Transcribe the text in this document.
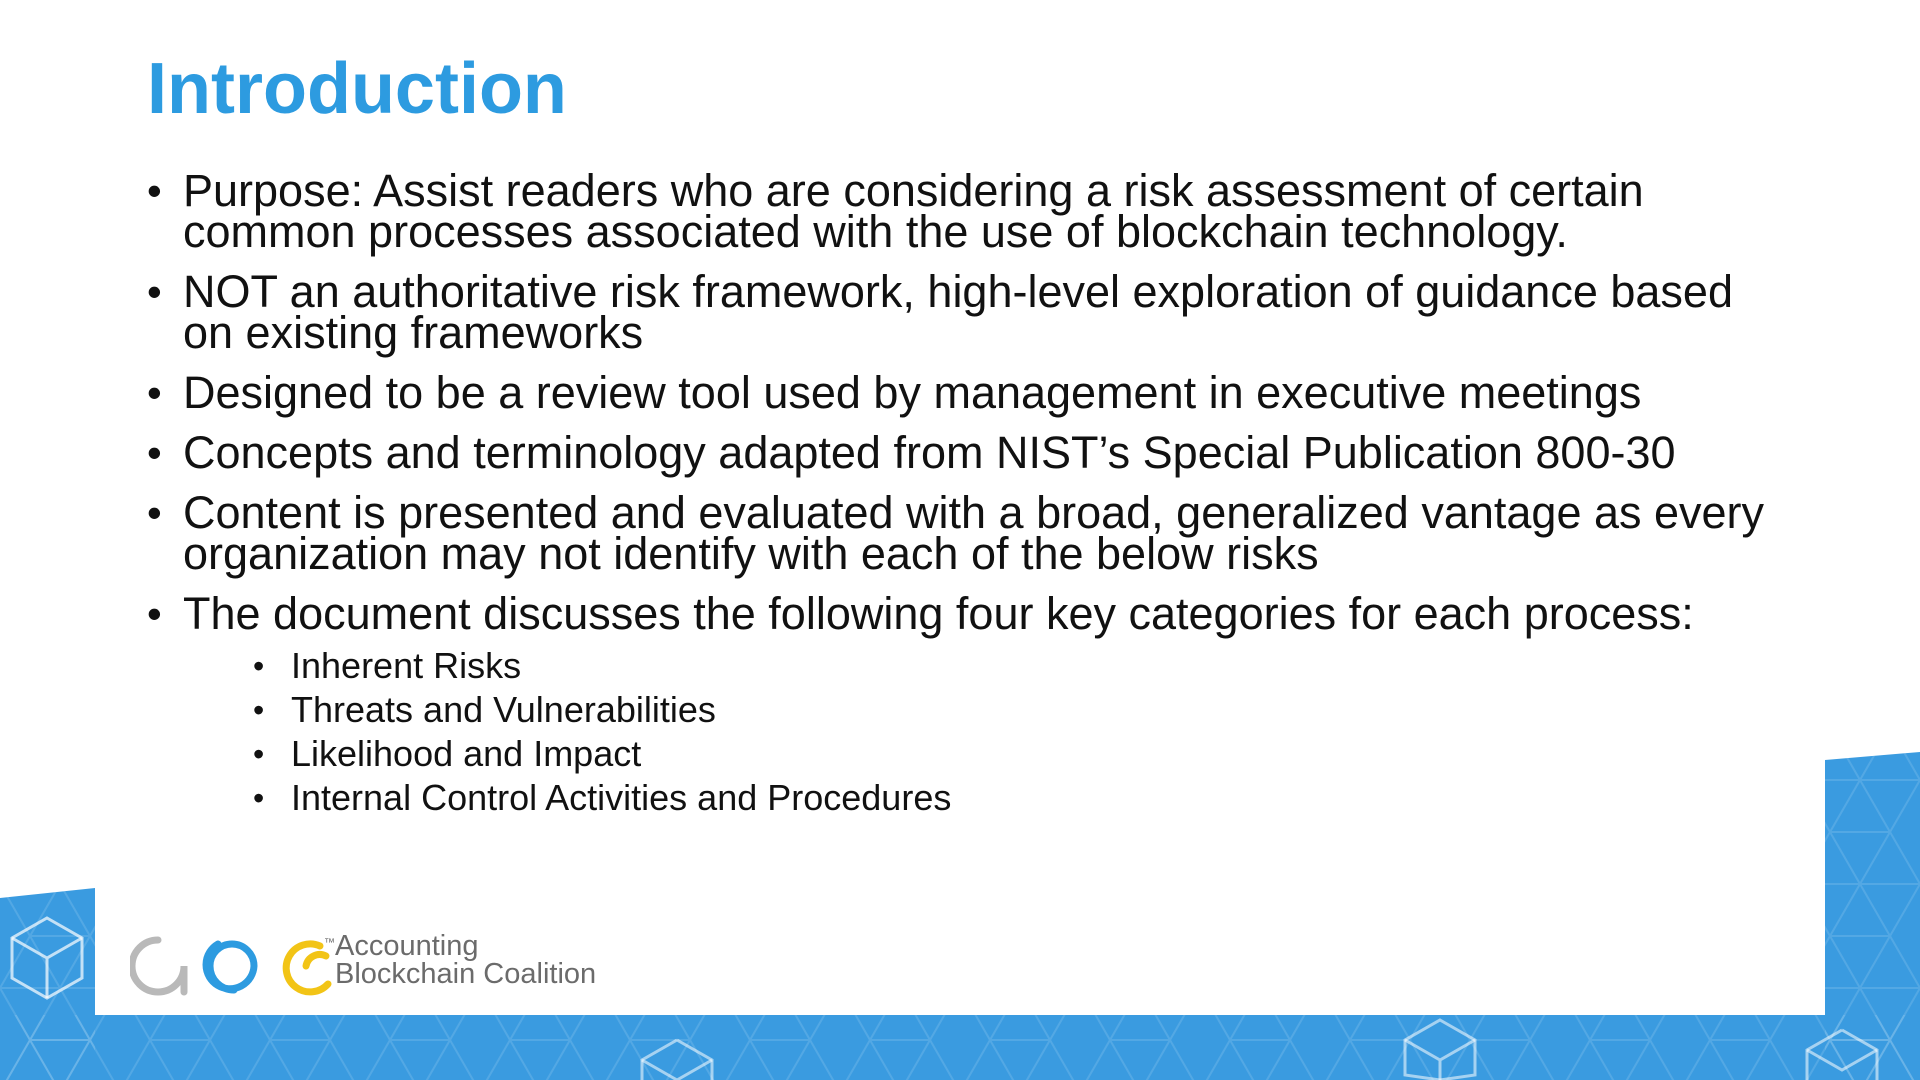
Introduction
• Purpose: Assist readers who are considering a risk assessment of certain common processes associated with the use of blockchain technology.
• NOT an authoritative risk framework, high-level exploration of guidance based on existing frameworks
• Designed to be a review tool used by management in executive meetings
• Concepts and terminology adapted from NIST’s Special Publication 800-30
• Content is presented and evaluated with a broad, generalized vantage as every organization may not identify with each of the below risks
• The document discusses the following four key categories for each process:
• Inherent Risks
• Threats and Vulnerabilities
• Likelihood and Impact
• Internal Control Activities and Procedures
™ Accounting
Blockchain Coalition
